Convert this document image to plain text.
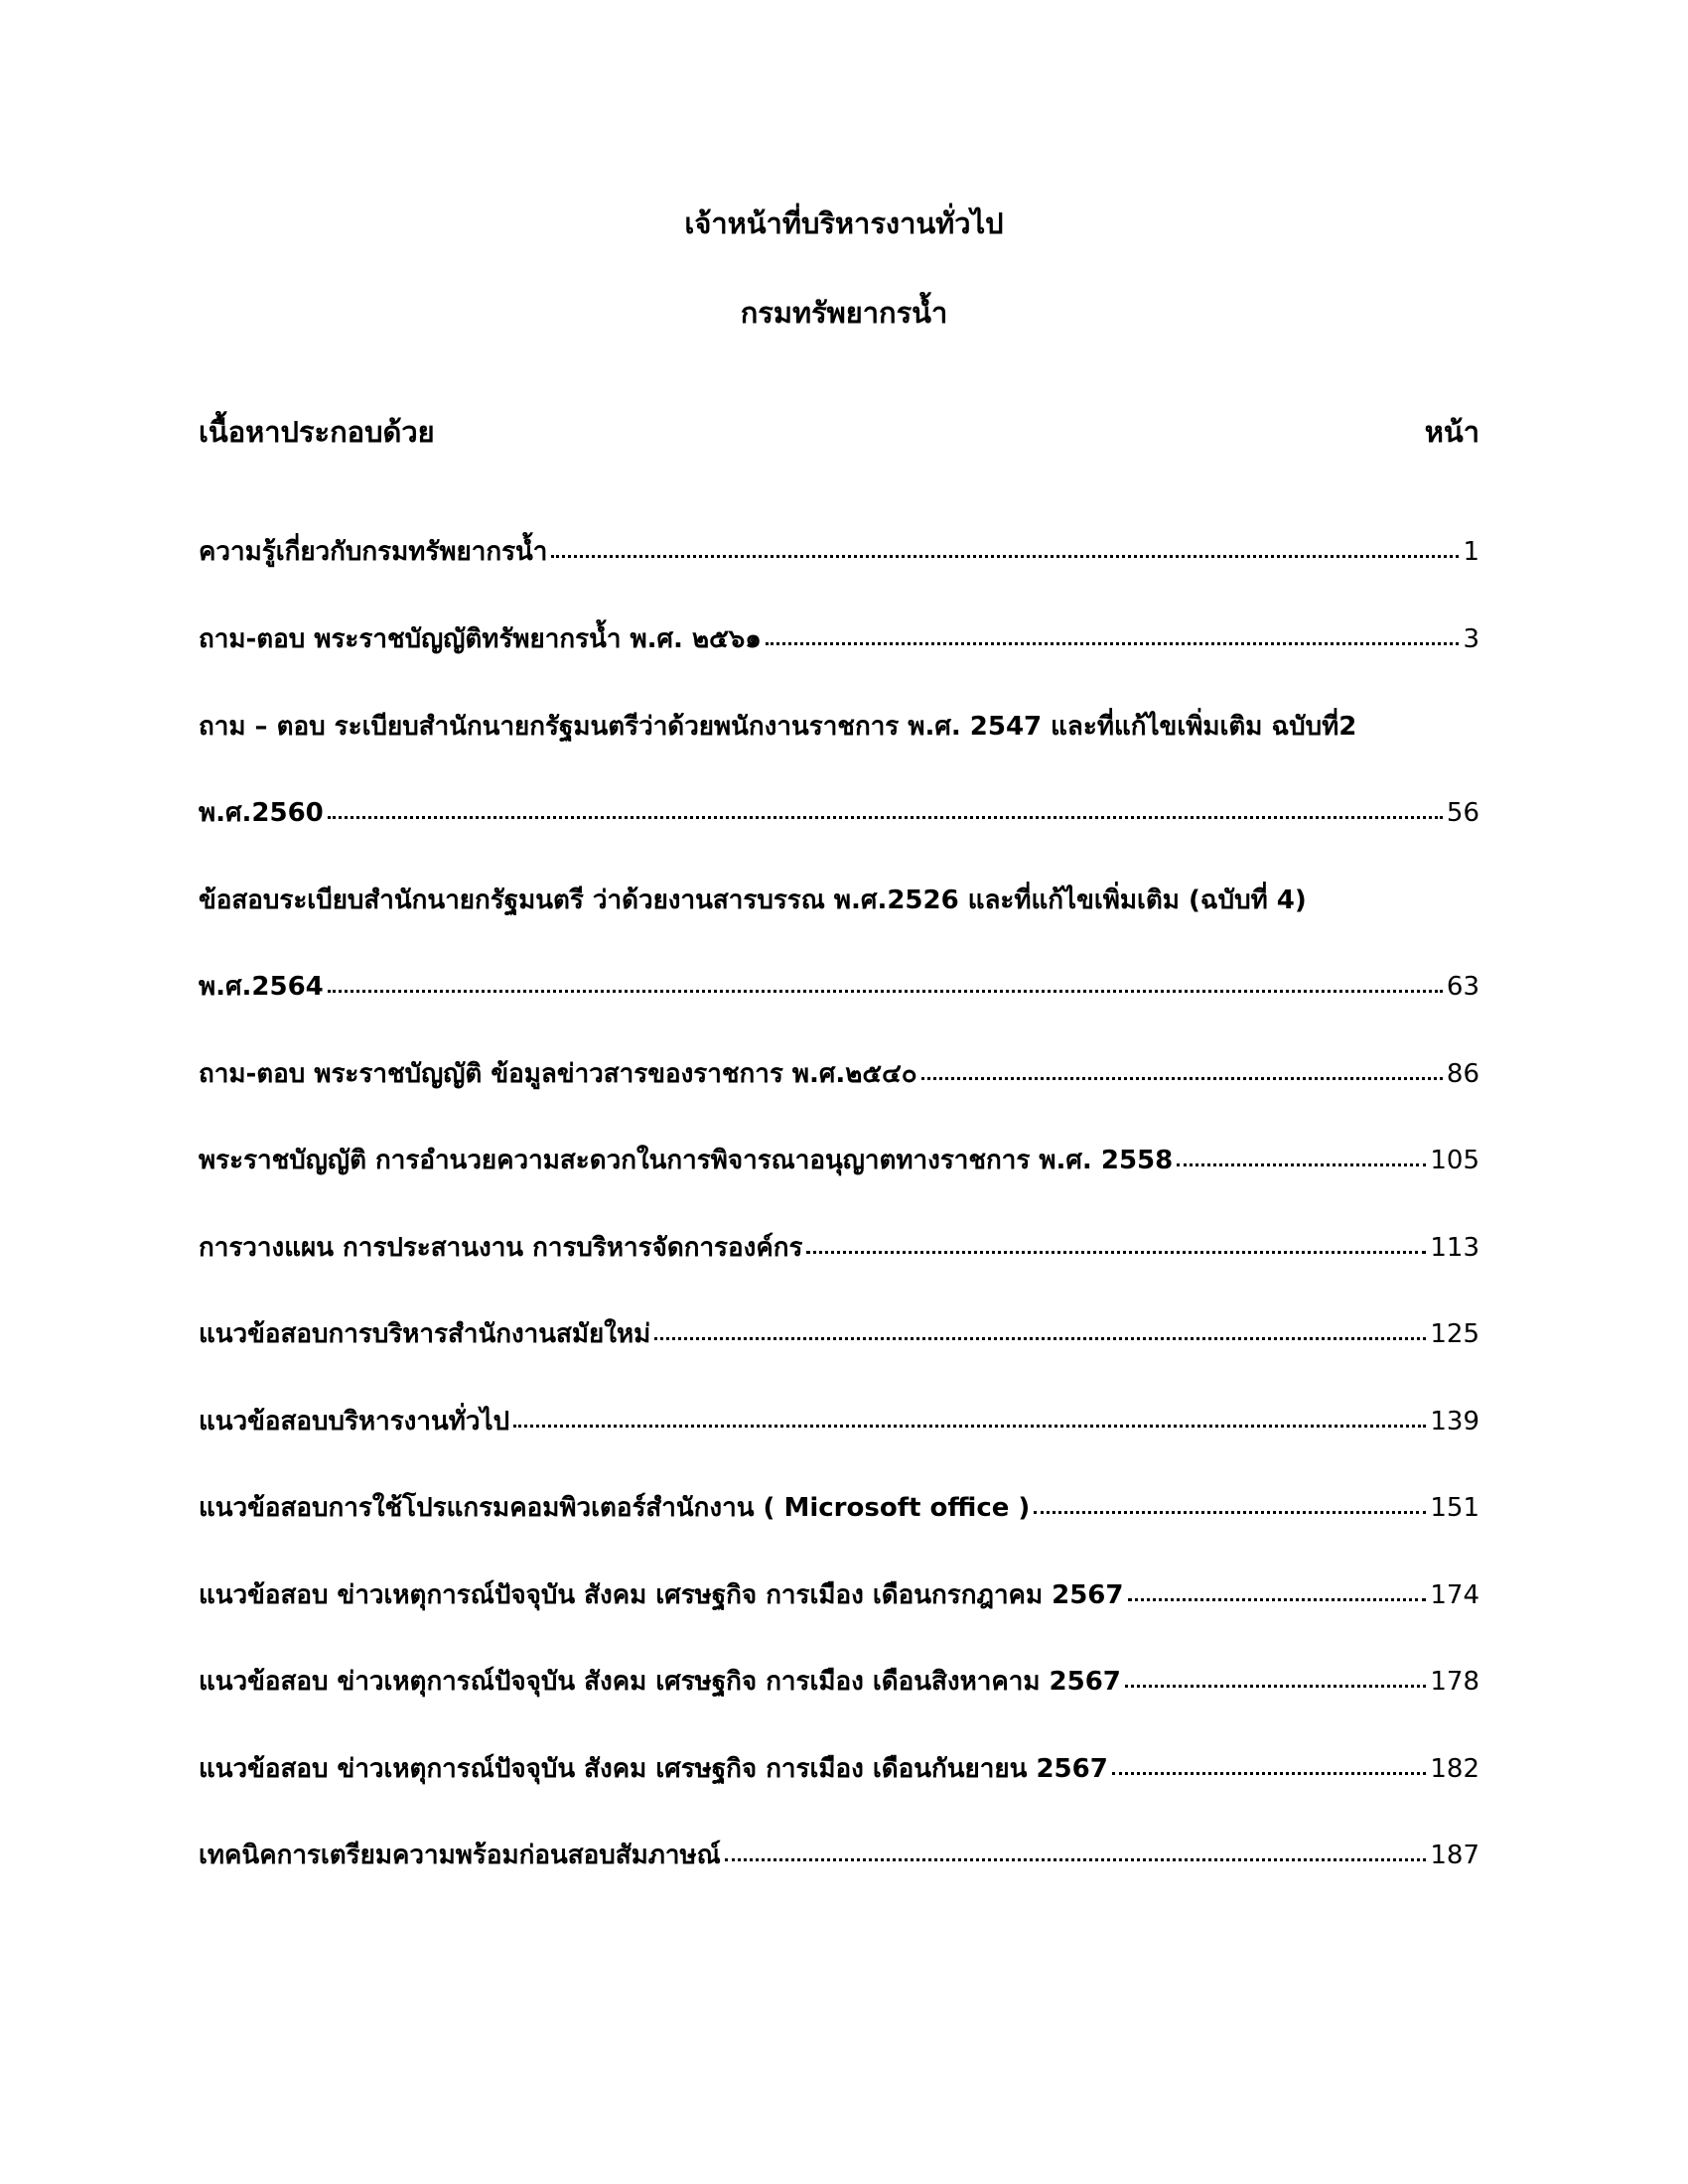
เจ้าหน้าที่บริหารงานทั่วไป
กรมทรัพยากรน้ำ
เนื้อหาประกอบด้วย	หน้า
ความรู้เกี่ยวกับกรมทรัพยากรน้ำ	1
ถาม-ตอบ พระราชบัญญัติทรัพยากรน้ำ พ.ศ. ๒๕๖๑	3
ถาม – ตอบ ระเบียบสำนักนายกรัฐมนตรีว่าด้วยพนักงานราชการ พ.ศ. 2547 และที่แก้ไขเพิ่มเติม ฉบับที่2
พ.ศ.2560	56
ข้อสอบระเบียบสำนักนายกรัฐมนตรี ว่าด้วยงานสารบรรณ พ.ศ.2526 และที่แก้ไขเพิ่มเติม (ฉบับที่ 4)
พ.ศ.2564	63
ถาม-ตอบ พระราชบัญญัติ ข้อมูลข่าวสารของราชการ พ.ศ.๒๕๔๐	86
พระราชบัญญัติ การอำนวยความสะดวกในการพิจารณาอนุญาตทางราชการ พ.ศ. 2558	105
การวางแผน การประสานงาน การบริหารจัดการองค์กร	113
แนวข้อสอบการบริหารสำนักงานสมัยใหม่	125
แนวข้อสอบบริหารงานทั่วไป	139
แนวข้อสอบการใช้โปรแกรมคอมพิวเตอร์สำนักงาน ( Microsoft office )	151
แนวข้อสอบ ข่าวเหตุการณ์ปัจจุบัน สังคม เศรษฐกิจ การเมือง เดือนกรกฎาคม 2567	174
แนวข้อสอบ ข่าวเหตุการณ์ปัจจุบัน สังคม เศรษฐกิจ การเมือง เดือนสิงหาคาม 2567	178
แนวข้อสอบ ข่าวเหตุการณ์ปัจจุบัน สังคม เศรษฐกิจ การเมือง เดือนกันยายน 2567	182
เทคนิคการเตรียมความพร้อมก่อนสอบสัมภาษณ์	187
